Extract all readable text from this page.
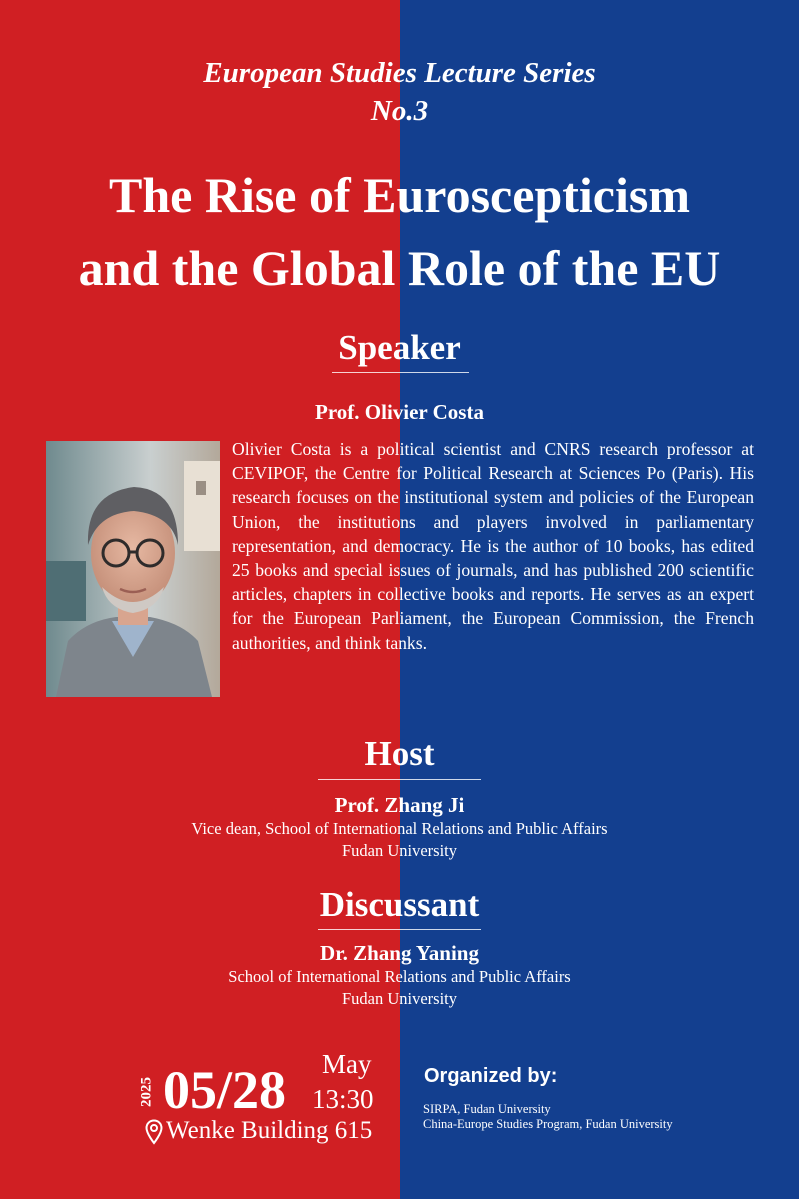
European Studies Lecture Series
No.3
The Rise of Euroscepticism
and the Global Role of the EU
Speaker
Prof. Olivier Costa
Olivier Costa is a political scientist and CNRS research professor at CEVIPOF, the Centre for Political Research at Sciences Po (Paris). His research focuses on the institutional system and policies of the European Union, the institutions and players involved in parliamentary representation, and democracy. He is the author of 10 books, has edited 25 books and special issues of journals, and has published 200 scientific articles, chapters in collective books and reports. He serves as an expert for the European Parliament, the European Commission, the French authorities, and think tanks.
Host
Prof. Zhang Ji
Vice dean, School of International Relations and Public Affairs
Fudan University
Discussant
Dr. Zhang Yaning
School of International Relations and Public Affairs
Fudan University
2025 05/28 May
13:30
Wenke Building 615
Organized by:
SIRPA, Fudan University
China-Europe Studies Program, Fudan University
